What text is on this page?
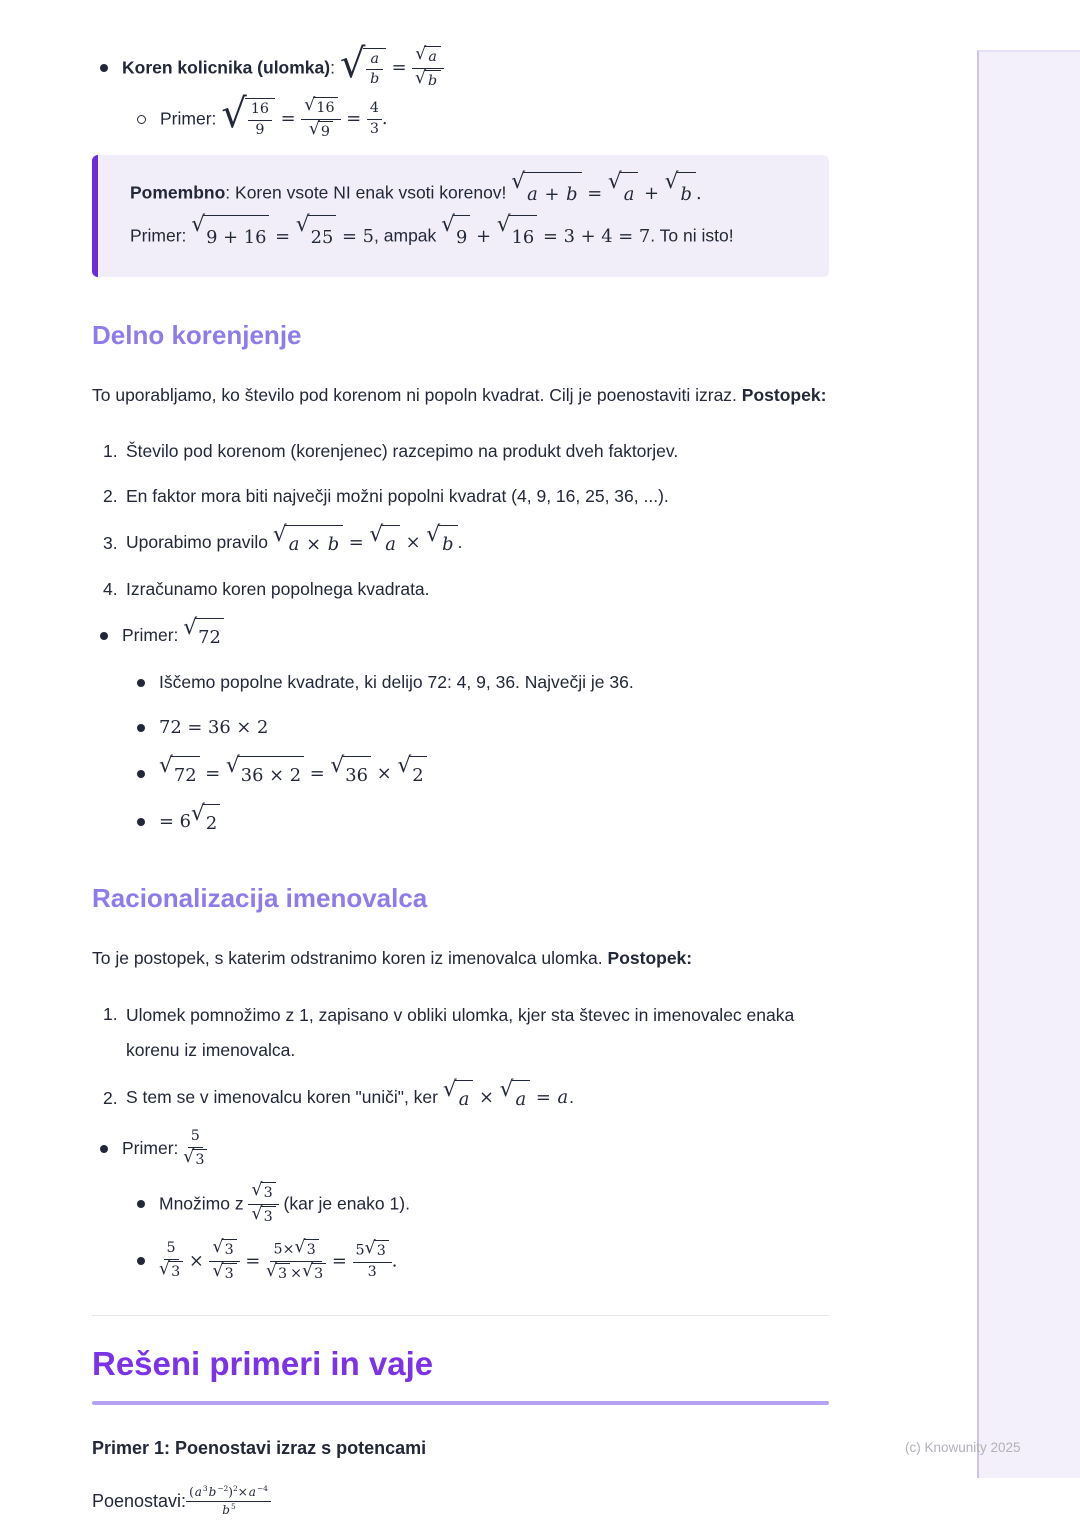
Koren kolicnika (ulomka): √ $\frac{a}{b} = \frac{√ a}{√ b}$
Primer: √ $\frac{16}{9} = \frac{√ 16}{√ 9} = \frac{4}{3}$ .

Pomembno: Koren vsote NI enak vsoti korenov! √
a + b = √
a + √
b .

Primer: √
9 + 16 = √
25 = 5, ampak √
9 + √
16 = 3 + 4 = 7. To ni isto!

Delno korenjenje

To uporabljamo, ko število pod korenom ni popoln kvadrat. Cilj je poenostaviti izraz. Postopek:

1. Število pod korenom (korenjenec) razcepimo na produkt dveh faktorjev.
2. En faktor mora biti največji možni popolni kvadrat (4, 9, 16, 25, 36, ...).
3. Uporabimo pravilo √ a × b = √ a × √ b .
4. Izračunamo koren popolnega kvadrata.
Primer: √ 72
Iščemo popolne kvadrate, ki delijo 72: 4, 9, 36. Največji je 36.
72 = 36 × 2
√ 72 = √ 36 × 2 = √ 36 × √ 2
= 6 √ 2
Racionalizacija imenovalca

To je postopek, s katerim odstranimo koren iz imenovalca ulomka. Postopek:

1. Ulomek pomnožimo z 1, zapisano v obliki ulomka, kjer sta števec in imenovalec enaka korenu iz imenovalca.
2. S tem se v imenovalcu koren "uniči", ker √ a × √ a = a.
Primer: $\frac{5}{√ 3}$
Množimo z $\frac{√ 3}{√ 3} (kar$ je enako 1).
$\frac{5}{√ 3} \times \frac{√ 3}{√ 3} = \frac{5\times √ 3}{√ 3 \times √ 3} = \frac{5 √ 3}{3}$ .
Rešeni primeri in vaje
Primer 1: Poenostavi izraz s potencami
Poenostavi: $\frac{(a^3b^{-2})^2\times a^{-4}}{b^5}$
(c) Knowunity 2025
